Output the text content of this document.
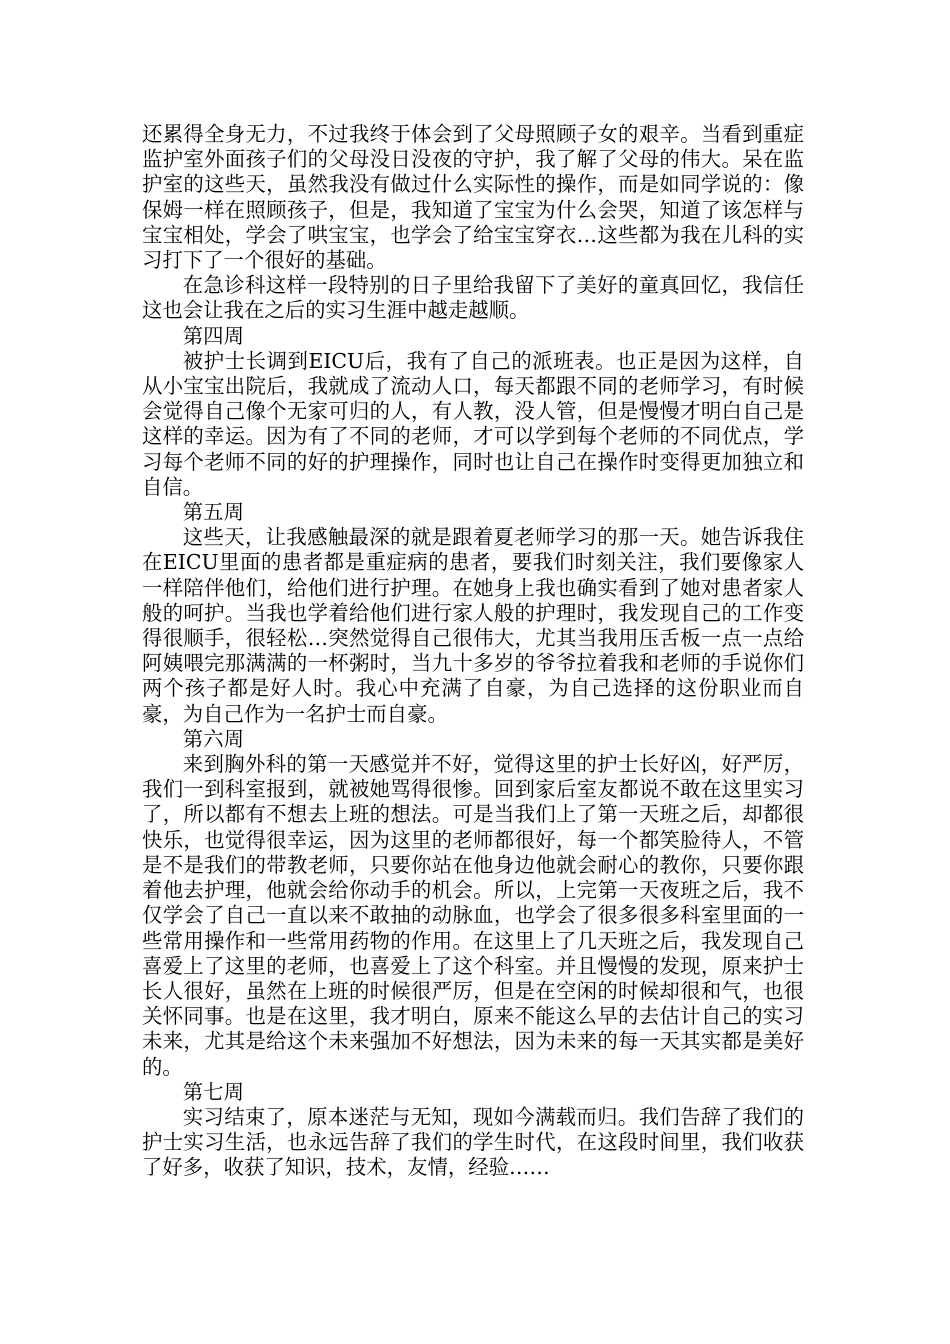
还累得全身无力，不过我终于体会到了父母照顾子女的艰辛。当看到重症监护室外面孩子们的父母没日没夜的守护，我了解了父母的伟大。呆在监护室的这些天，虽然我没有做过什么实际性的操作，而是如同学说的：像保姆一样在照顾孩子，但是，我知道了宝宝为什么会哭，知道了该怎样与宝宝相处，学会了哄宝宝，也学会了给宝宝穿衣…这些都为我在儿科的实习打下了一个很好的基础。

在急诊科这样一段特别的日子里给我留下了美好的童真回忆，我信任这也会让我在之后的实习生涯中越走越顺。

第四周

被护士长调到EICU后，我有了自己的派班表。也正是因为这样，自从小宝宝出院后，我就成了流动人口，每天都跟不同的老师学习，有时候会觉得自己像个无家可归的人，有人教，没人管，但是慢慢才明白自己是这样的幸运。因为有了不同的老师，才可以学到每个老师的不同优点，学习每个老师不同的好的护理操作，同时也让自己在操作时变得更加独立和自信。

第五周

这些天，让我感触最深的就是跟着夏老师学习的那一天。她告诉我住在EICU里面的患者都是重症病的患者，要我们时刻关注，我们要像家人一样陪伴他们，给他们进行护理。在她身上我也确实看到了她对患者家人般的呵护。当我也学着给他们进行家人般的护理时，我发现自己的工作变得很顺手，很轻松…突然觉得自己很伟大，尤其当我用压舌板一点一点给阿姨喂完那满满的一杯粥时，当九十多岁的爷爷拉着我和老师的手说你们两个孩子都是好人时。我心中充满了自豪，为自己选择的这份职业而自豪，为自己作为一名护士而自豪。

第六周

来到胸外科的第一天感觉并不好，觉得这里的护士长好凶，好严厉，我们一到科室报到，就被她骂得很惨。回到家后室友都说不敢在这里实习了，所以都有不想去上班的想法。可是当我们上了第一天班之后，却都很快乐，也觉得很幸运，因为这里的老师都很好，每一个都笑脸待人，不管是不是我们的带教老师，只要你站在他身边他就会耐心的教你，只要你跟着他去护理，他就会给你动手的机会。所以，上完第一天夜班之后，我不仅学会了自己一直以来不敢抽的动脉血，也学会了很多很多科室里面的一些常用操作和一些常用药物的作用。在这里上了几天班之后，我发现自己喜爱上了这里的老师，也喜爱上了这个科室。并且慢慢的发现，原来护士长人很好，虽然在上班的时候很严厉，但是在空闲的时候却很和气，也很关怀同事。也是在这里，我才明白，原来不能这么早的去估计自己的实习未来，尤其是给这个未来强加不好想法，因为未来的每一天其实都是美好的。

第七周

实习结束了，原本迷茫与无知，现如今满载而归。我们告辞了我们的护士实习生活，也永远告辞了我们的学生时代，在这段时间里，我们收获了好多，收获了知识，技术，友情，经验……
